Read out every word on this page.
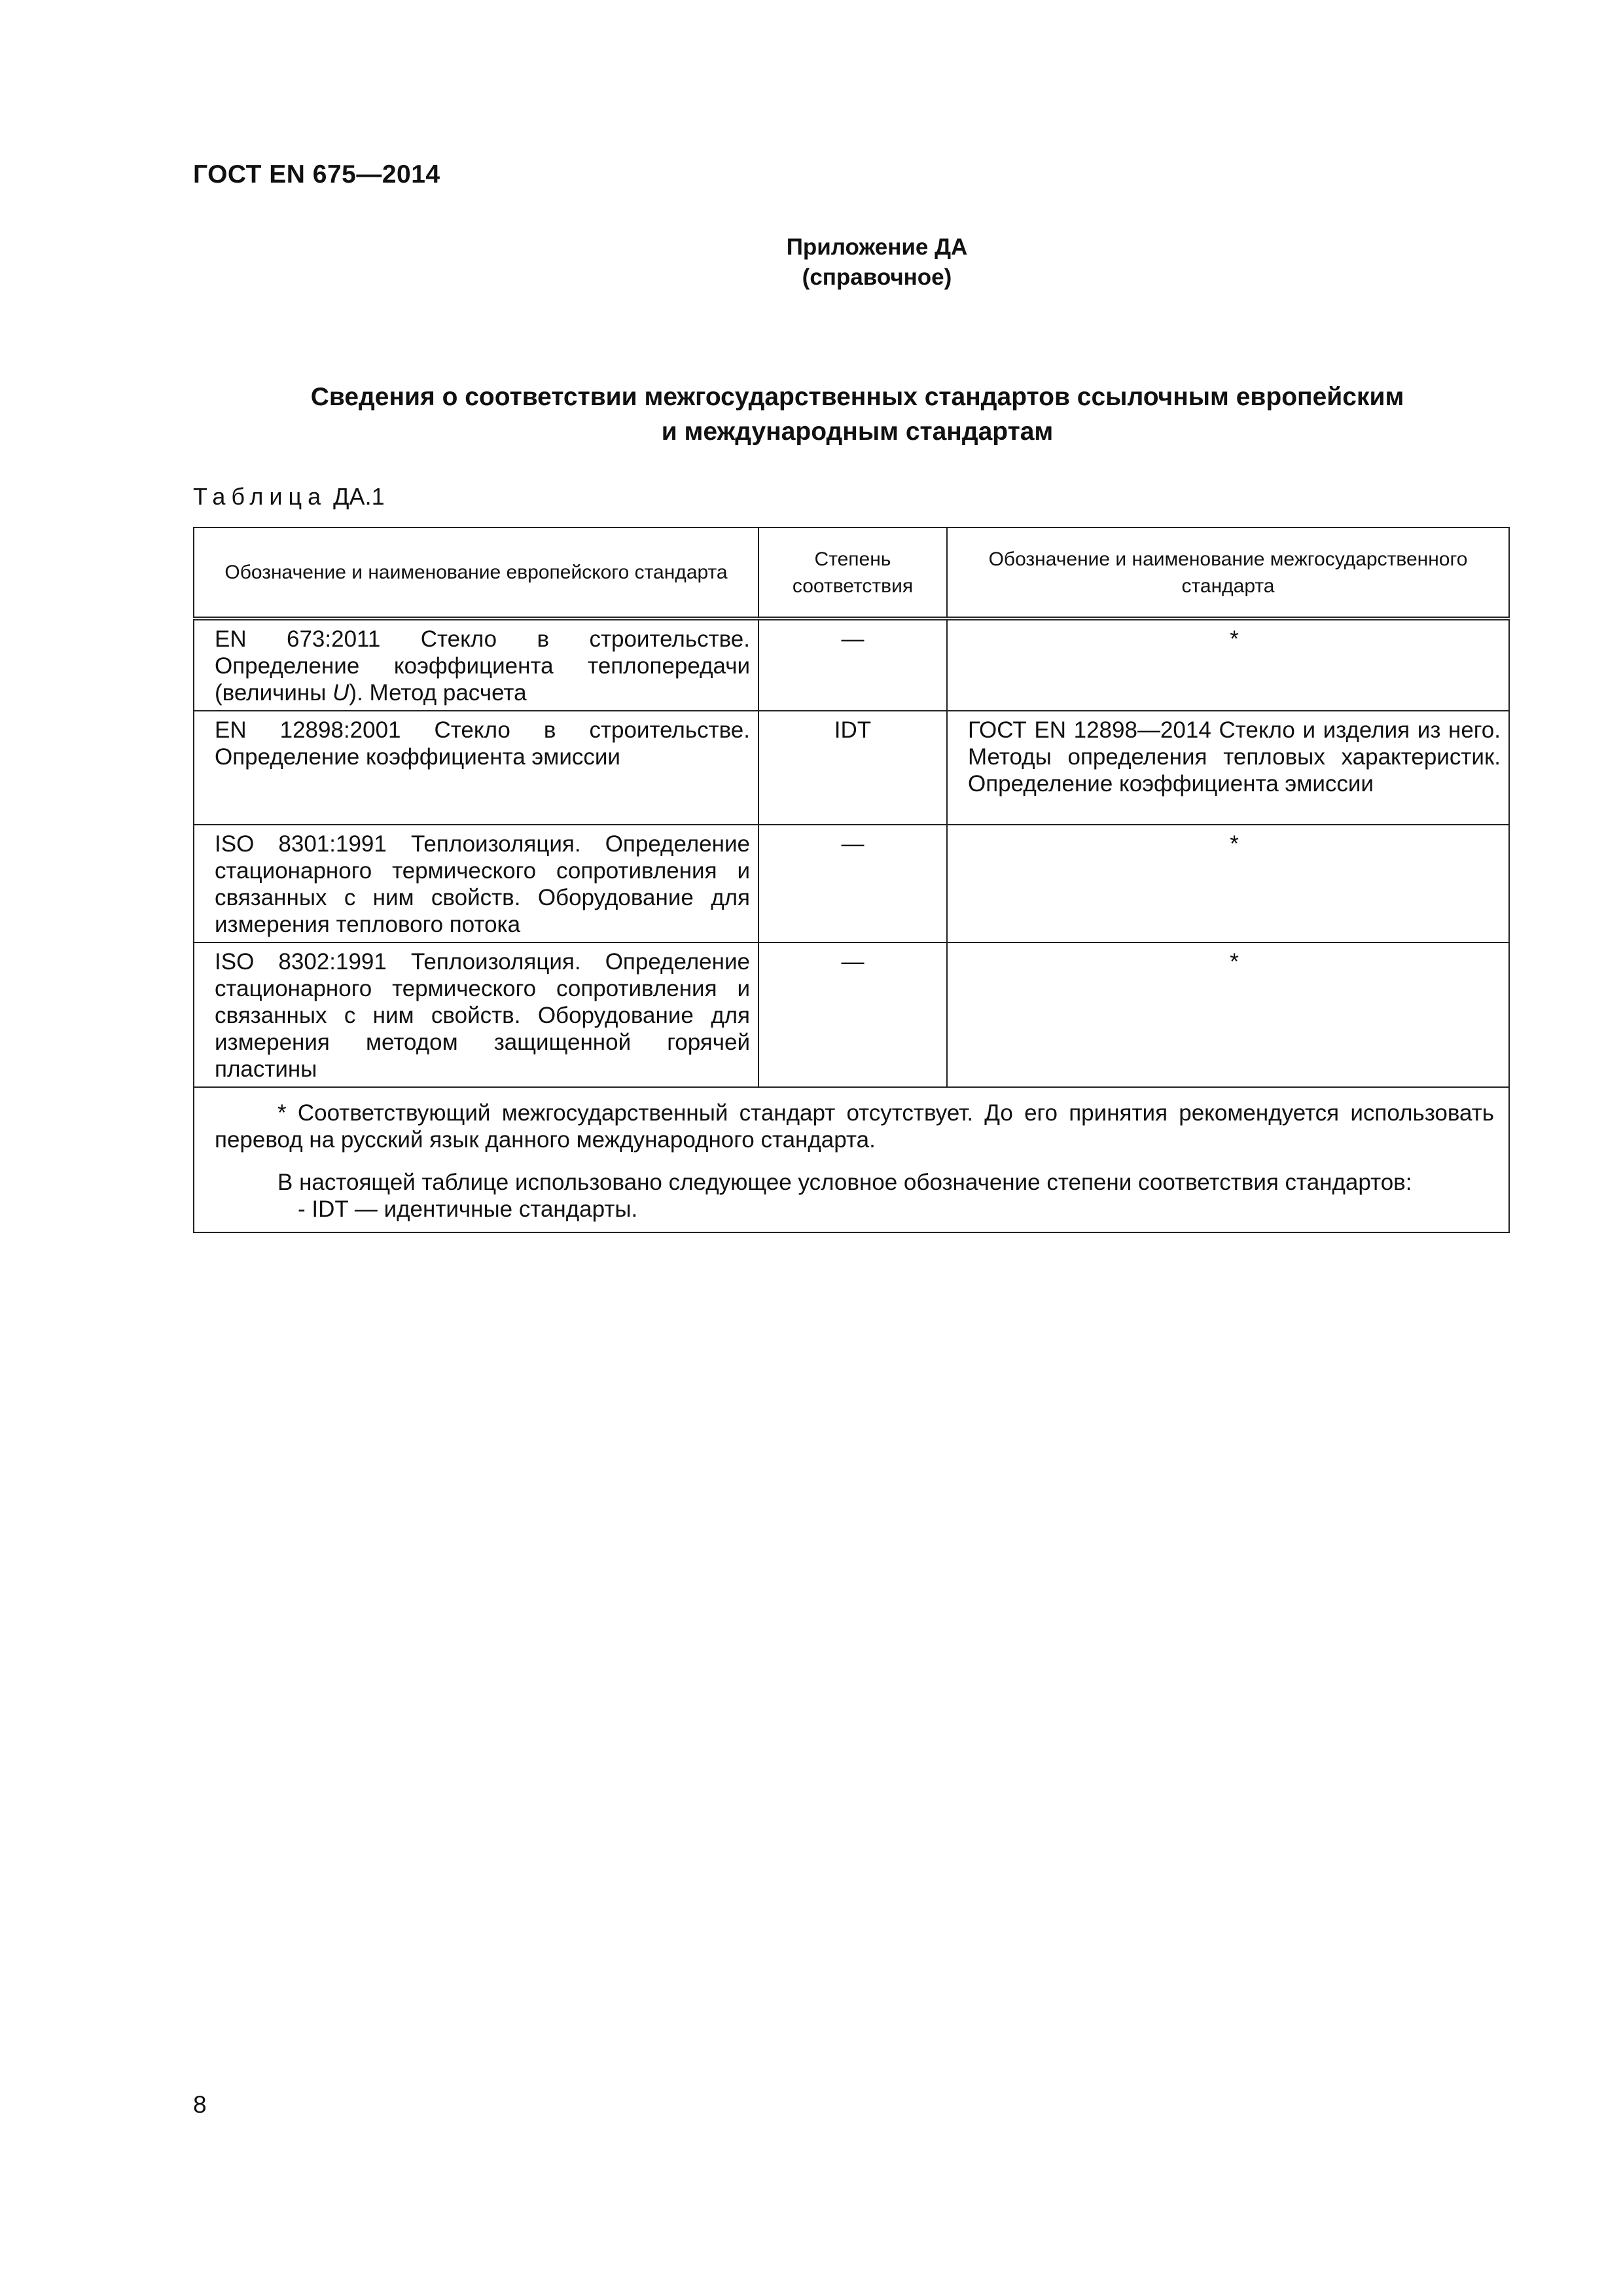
ГОСТ EN 675—2014
Приложение ДА
(справочное)
Сведения о соответствии межгосударственных стандартов ссылочным европейским
и международным стандартам
Таблица ДА.1
Обозначение и наименование европейского стандарта	Степень соответствия	Обозначение и наименование межгосударственного стандарта
EN 673:2011 Стекло в строительстве. Определение коэффициента теплопередачи (величины U). Метод расчета	—	*
EN 12898:2001 Стекло в строительстве. Определение коэффициента эмиссии	IDT	ГОСТ EN 12898—2014 Стекло и изделия из него. Методы определения тепловых характеристик. Определение коэффициента эмиссии
ISO 8301:1991 Теплоизоляция. Определение стационарного термического сопротивления и связанных с ним свойств. Оборудование для измерения теплового потока	—	*
ISO 8302:1991 Теплоизоляция. Определение стационарного термического сопротивления и связанных с ним свойств. Оборудование для измерения методом защищенной горячей пластины	—	*

* Соответствующий межгосударственный стандарт отсутствует. До его принятия рекомендуется использовать перевод на русский язык данного международного стандарта.

В настоящей таблице использовано следующее условное обозначение степени соответствия стандартов:

- IDT — идентичные стандарты.		

8
